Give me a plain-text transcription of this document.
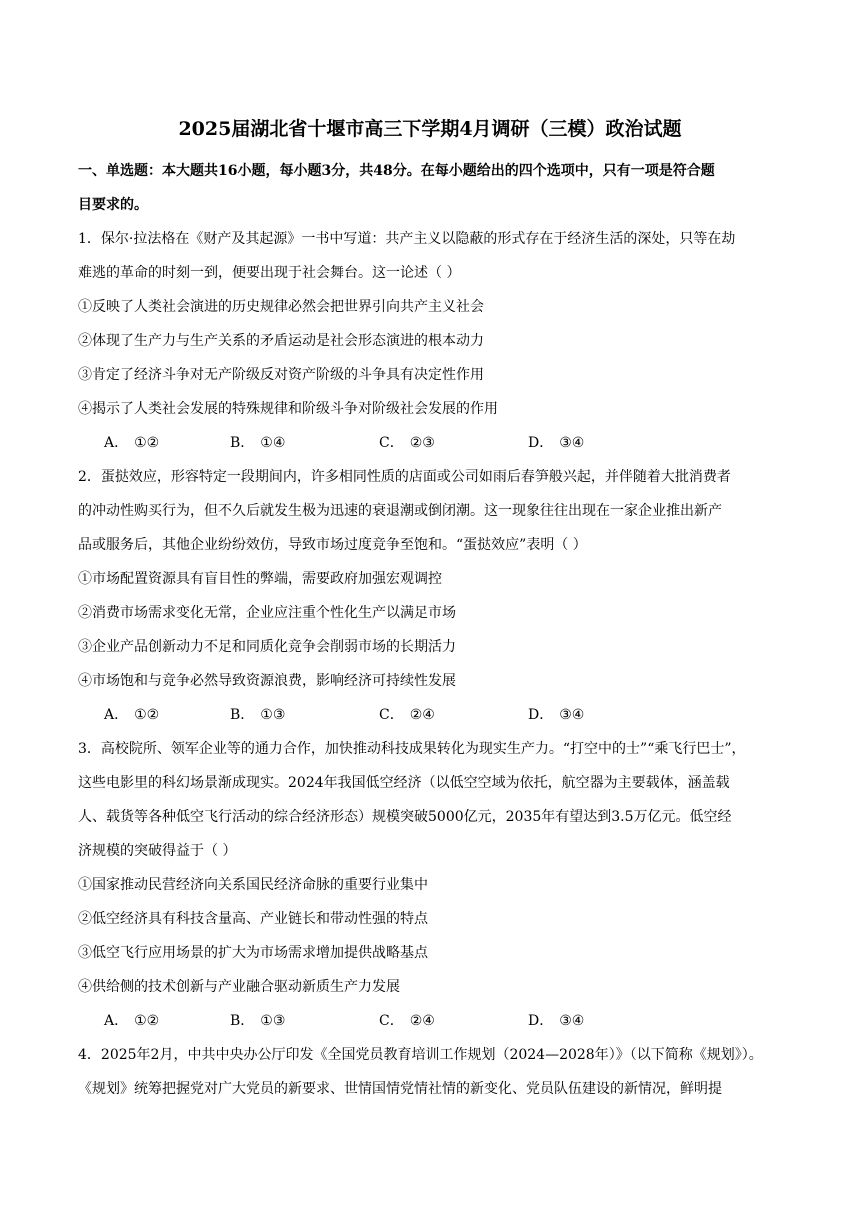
2025届湖北省十堰市高三下学期4月调研（三模）政治试题
一、单选题：本大题共16小题，每小题3分，共48分。在每小题给出的四个选项中，只有一项是符合题
目要求的。
1．保尔·拉法格在《财产及其起源》一书中写道：共产主义以隐蔽的形式存在于经济生活的深处，只等在劫
难逃的革命的时刻一到，便要出现于社会舞台。这一论述（ ）
①反映了人类社会演进的历史规律必然会把世界引向共产主义社会
②体现了生产力与生产关系的矛盾运动是社会形态演进的根本动力
③肯定了经济斗争对无产阶级反对资产阶级的斗争具有决定性作用
④揭示了人类社会发展的特殊规律和阶级斗争对阶级社会发展的作用
A． ①②	B． ①④	C． ②③	D． ③④
2．蛋挞效应，形容特定一段期间内，许多相同性质的店面或公司如雨后春笋般兴起，并伴随着大批消费者
的冲动性购买行为，但不久后就发生极为迅速的衰退潮或倒闭潮。这一现象往往出现在一家企业推出新产
品或服务后，其他企业纷纷效仿，导致市场过度竞争至饱和。“蛋挞效应”表明（ ）
①市场配置资源具有盲目性的弊端，需要政府加强宏观调控
②消费市场需求变化无常，企业应注重个性化生产以满足市场
③企业产品创新动力不足和同质化竞争会削弱市场的长期活力
④市场饱和与竞争必然导致资源浪费，影响经济可持续性发展
A． ①②	B． ①③	C． ②④	D． ③④
3．高校院所、领军企业等的通力合作，加快推动科技成果转化为现实生产力。“打空中的士”“乘飞行巴士”，
这些电影里的科幻场景渐成现实。2024年我国低空经济（以低空空域为依托，航空器为主要载体，涵盖载
人、载货等各种低空飞行活动的综合经济形态）规模突破5000亿元，2035年有望达到3.5万亿元。低空经
济规模的突破得益于（ ）
①国家推动民营经济向关系国民经济命脉的重要行业集中
②低空经济具有科技含量高、产业链长和带动性强的特点
③低空飞行应用场景的扩大为市场需求增加提供战略基点
④供给侧的技术创新与产业融合驱动新质生产力发展
A． ①②	B． ①③	C． ②④	D． ③④
4．2025年2月，中共中央办公厅印发《全国党员教育培训工作规划（2024—2028年）》（以下简称《规划》）。
《规划》统筹把握党对广大党员的新要求、世情国情党情社情的新变化、党员队伍建设的新情况，鲜明提
